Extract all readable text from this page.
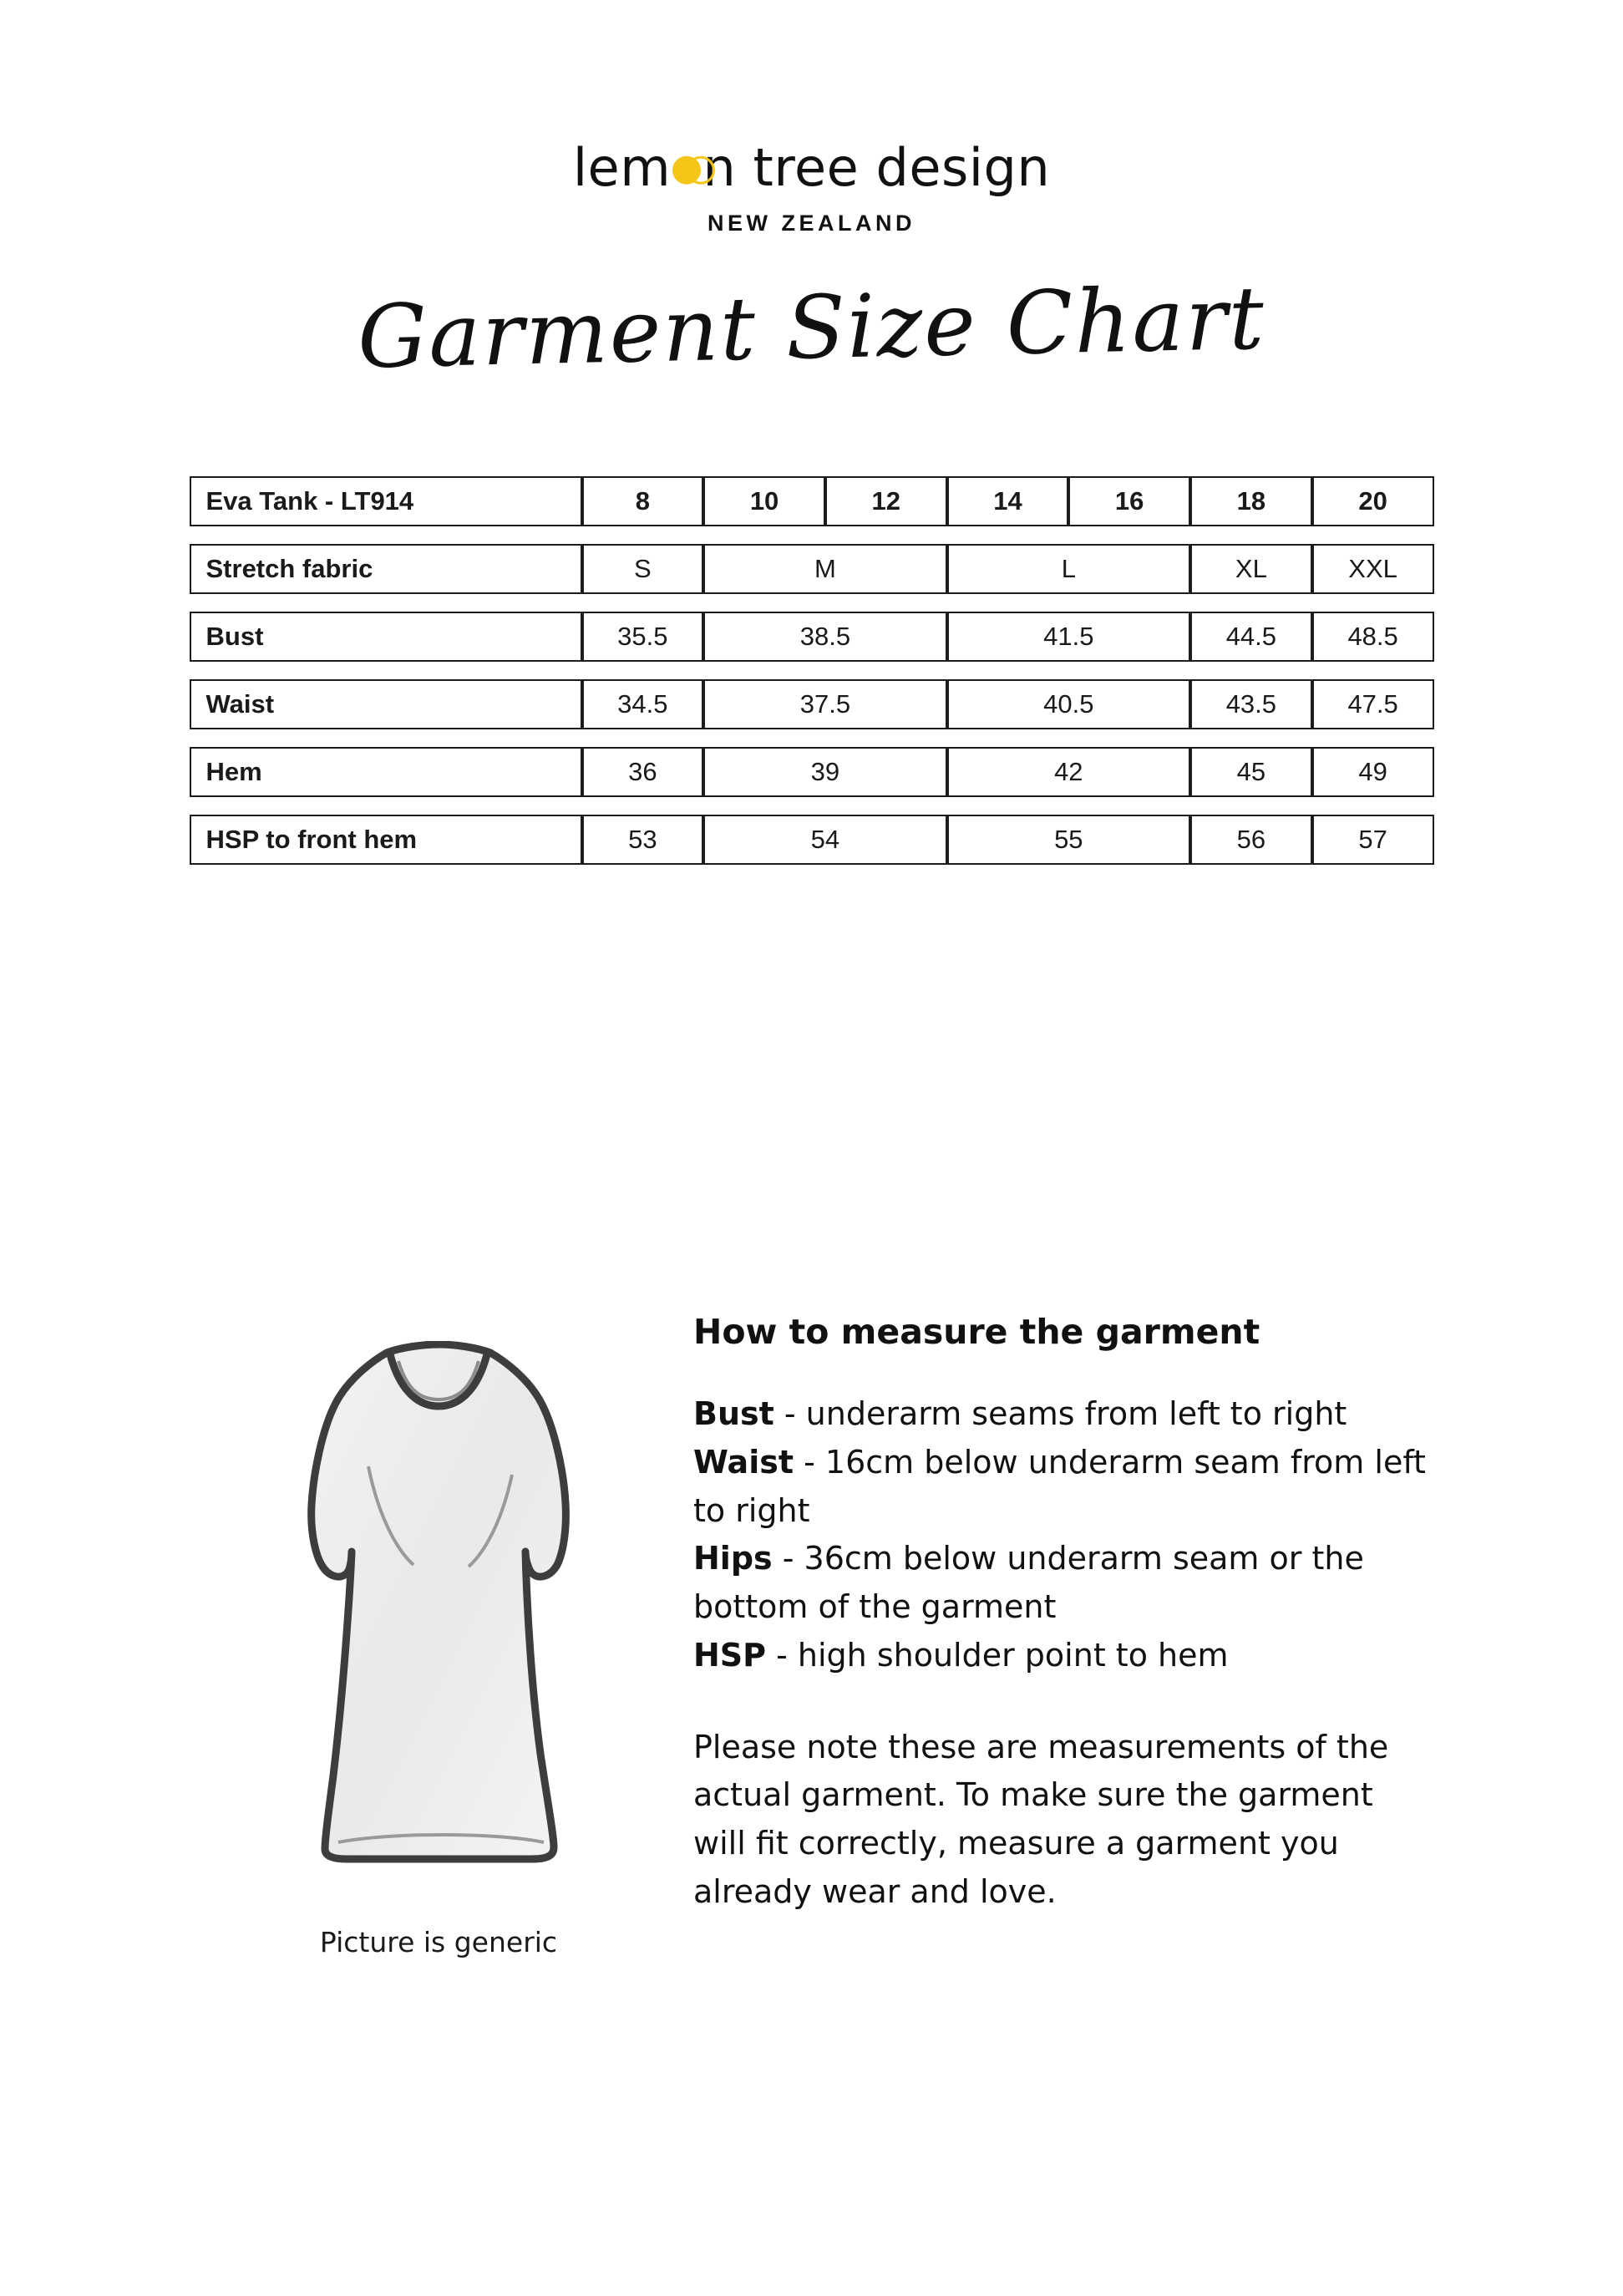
lem n tree design
NEW ZEALAND
Garment Size Chart
Eva Tank - LT914	8	10	12	14	16	18	20
Stretch fabric	S	M		L		XL	XXL
Bust	35.5	38.5		41.5		44.5	48.5
Waist	34.5	37.5		40.5		43.5	47.5
Hem	36	39		42		45	49
HSP to front hem	53	54		55		56	57
Picture is generic
How to measure the garment
Bust - underarm seams from left to right
Waist - 16cm below underarm seam from left to right
Hips - 36cm below underarm seam or the bottom of the garment
HSP - high shoulder point to hem
Please note these are measurements of the actual garment. To make sure the garment will fit correctly, measure a garment you already wear and love.
